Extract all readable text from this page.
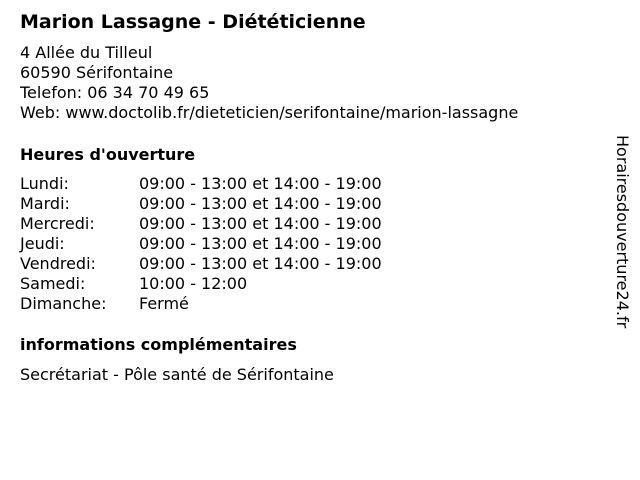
Marion Lassagne - Diététicienne
4 Allée du Tilleul
60590 Sérifontaine
Telefon: 06 34 70 49 65
Web: www.doctolib.fr/dieteticien/serifontaine/marion-lassagne
Heures d'ouverture
Lundi:	09:00 - 13:00 et 14:00 - 19:00
Mardi:	09:00 - 13:00 et 14:00 - 19:00
Mercredi:	09:00 - 13:00 et 14:00 - 19:00
Jeudi:	09:00 - 13:00 et 14:00 - 19:00
Vendredi:	09:00 - 13:00 et 14:00 - 19:00
Samedi:	10:00 - 12:00
Dimanche:	Fermé
informations complémentaires
Secrétariat - Pôle santé de Sérifontaine
Horairesdouverture24.fr
